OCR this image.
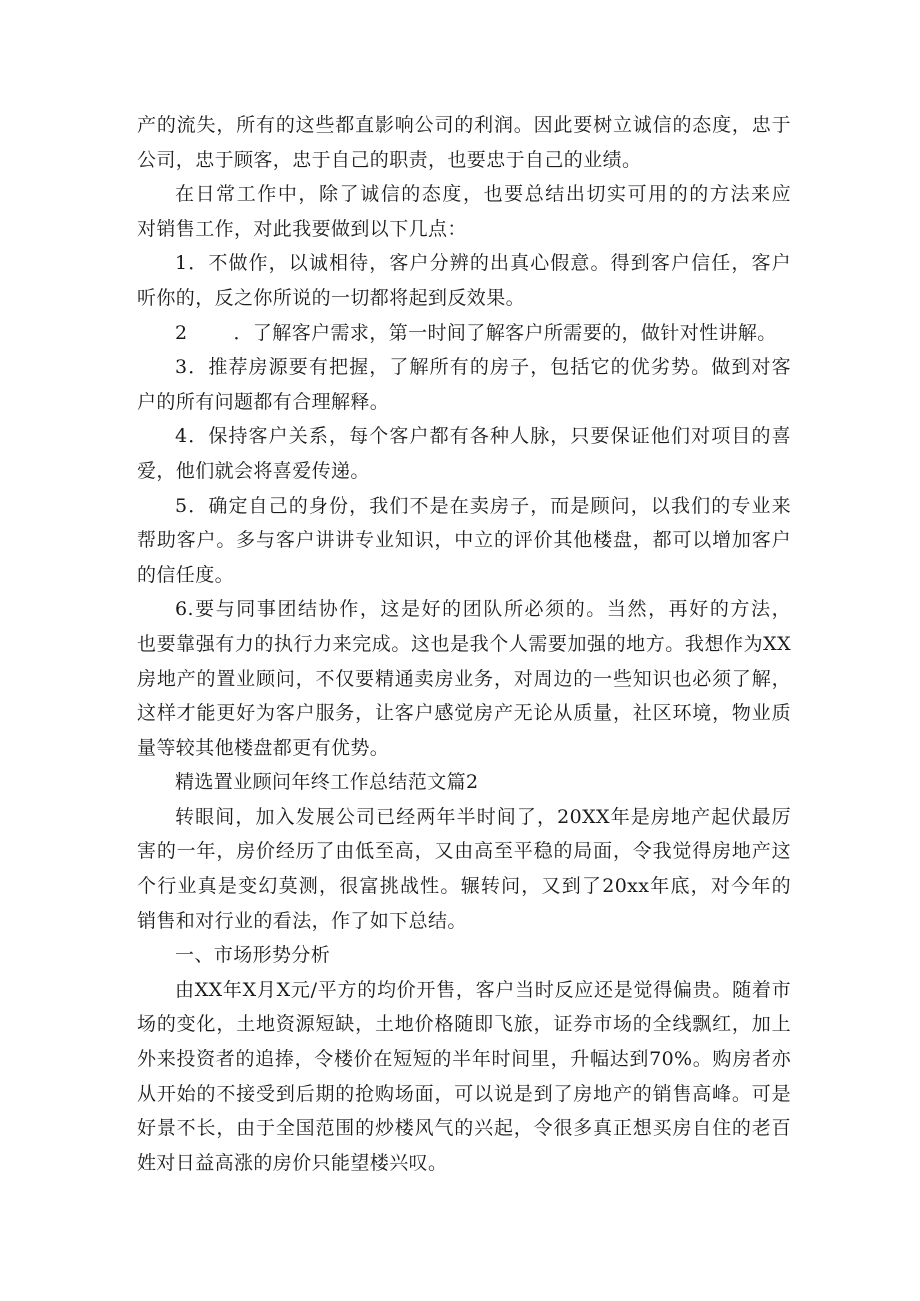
产的流失，所有的这些都直影响公司的利润。因此要树立诚信的态度，忠于
公司，忠于顾客，忠于自己的职责，也要忠于自己的业绩。
在日常工作中，除了诚信的态度，也要总结出切实可用的的方法来应
对销售工作，对此我要做到以下几点：
1．不做作，以诚相待，客户分辨的出真心假意。得到客户信任，客户
听你的，反之你所说的一切都将起到反效果。
2 ．了解客户需求，第一时间了解客户所需要的，做针对性讲解。
3．推荐房源要有把握，了解所有的房子，包括它的优劣势。做到对客
户的所有问题都有合理解释。
4．保持客户关系，每个客户都有各种人脉，只要保证他们对项目的喜
爱，他们就会将喜爱传递。
5．确定自己的身份，我们不是在卖房子，而是顾问，以我们的专业来
帮助客户。多与客户讲讲专业知识，中立的评价其他楼盘，都可以增加客户
的信任度。
6.要与同事团结协作，这是好的团队所必须的。当然，再好的方法，
也要靠强有力的执行力来完成。这也是我个人需要加强的地方。我想作为XX
房地产的置业顾问，不仅要精通卖房业务，对周边的一些知识也必须了解，
这样才能更好为客户服务，让客户感觉房产无论从质量，社区环境，物业质
量等较其他楼盘都更有优势。
精选置业顾问年终工作总结范文篇2
转眼间，加入发展公司已经两年半时间了，20XX年是房地产起伏最厉
害的一年，房价经历了由低至高，又由高至平稳的局面，令我觉得房地产这
个行业真是变幻莫测，很富挑战性。辗转问，又到了20xx年底，对今年的
销售和对行业的看法，作了如下总结。
一、市场形势分析
由XX年X月X元/平方的均价开售，客户当时反应还是觉得偏贵。随着市
场的变化，土地资源短缺，土地价格随即飞旅，证券市场的全线飘红，加上
外来投资者的追捧，令楼价在短短的半年时间里，升幅达到70%。购房者亦
从开始的不接受到后期的抢购场面，可以说是到了房地产的销售高峰。可是
好景不长，由于全国范围的炒楼风气的兴起，令很多真正想买房自住的老百
姓对日益高涨的房价只能望楼兴叹。
